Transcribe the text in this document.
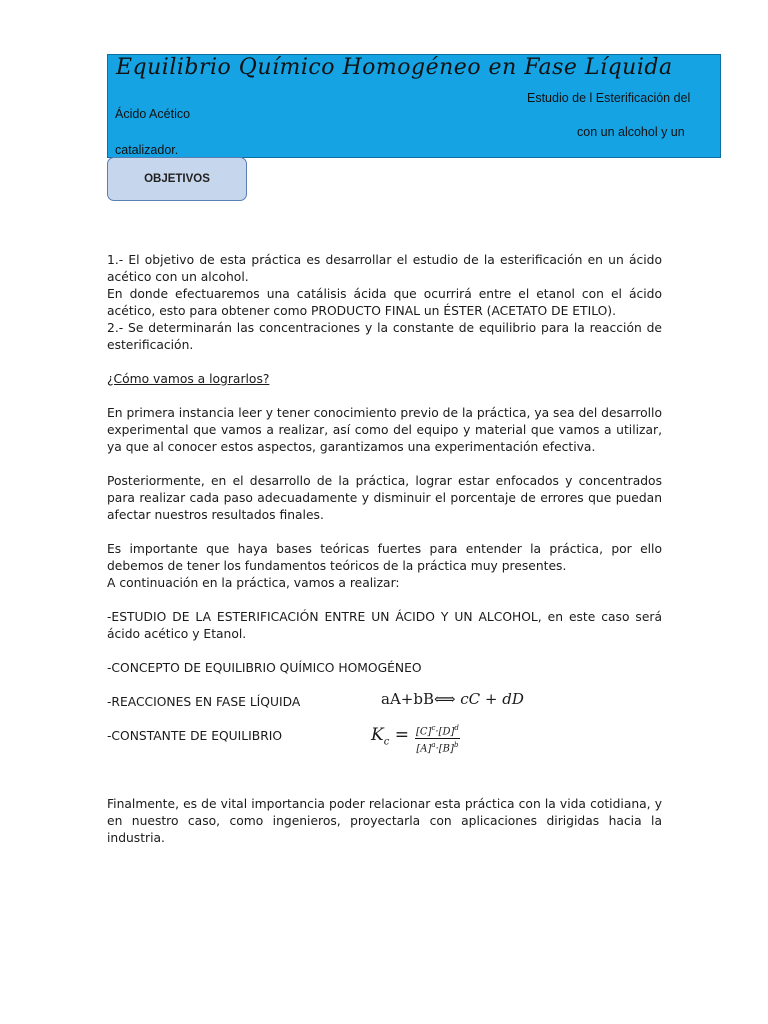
Equilibrio Químico Homogéneo en Fase Líquida
Estudio de l Esterificación del
Ácido Acético
con un alcohol y un
catalizador.
OBJETIVOS

1.- El objetivo de esta práctica es desarrollar el estudio de la esterificación en un ácido acético con un alcohol.

En donde efectuaremos una catálisis ácida que ocurrirá entre el etanol con el ácido acético, esto para obtener como PRODUCTO FINAL un ÉSTER (ACETATO DE ETILO).

2.- Se determinarán las concentraciones y la constante de equilibrio para la reacción de esterificación.

¿Cómo vamos a lograrlos?

En primera instancia leer y tener conocimiento previo de la práctica, ya sea del desarrollo experimental que vamos a realizar, así como del equipo y material que vamos a utilizar, ya que al conocer estos aspectos, garantizamos una experimentación efectiva.

Posteriormente, en el desarrollo de la práctica, lograr estar enfocados y concentrados para realizar cada paso adecuadamente y disminuir el porcentaje de errores que puedan afectar nuestros resultados finales.

Es importante que haya bases teóricas fuertes para entender la práctica, por ello debemos de tener los fundamentos teóricos de la práctica muy presentes.

A continuación en la práctica, vamos a realizar:

-ESTUDIO DE LA ESTERIFICACIÓN ENTRE UN ÁCIDO Y UN ALCOHOL, en este caso será ácido acético y Etanol.

-CONCEPTO DE EQUILIBRIO QUÍMICO HOMOGÉNEO

-REACCIONES EN FASE LÍQUIDA	aA+bB⟺ cC + dD
-CONSTANTE DE EQUILIBRIO	$K_c = \frac{[C]^c\cdot[D]^d}{[A]^a\cdot[B]^b}$

Finalmente, es de vital importancia poder relacionar esta práctica con la vida cotidiana, y en nuestro caso, como ingenieros, proyectarla con aplicaciones dirigidas hacia la industria.
